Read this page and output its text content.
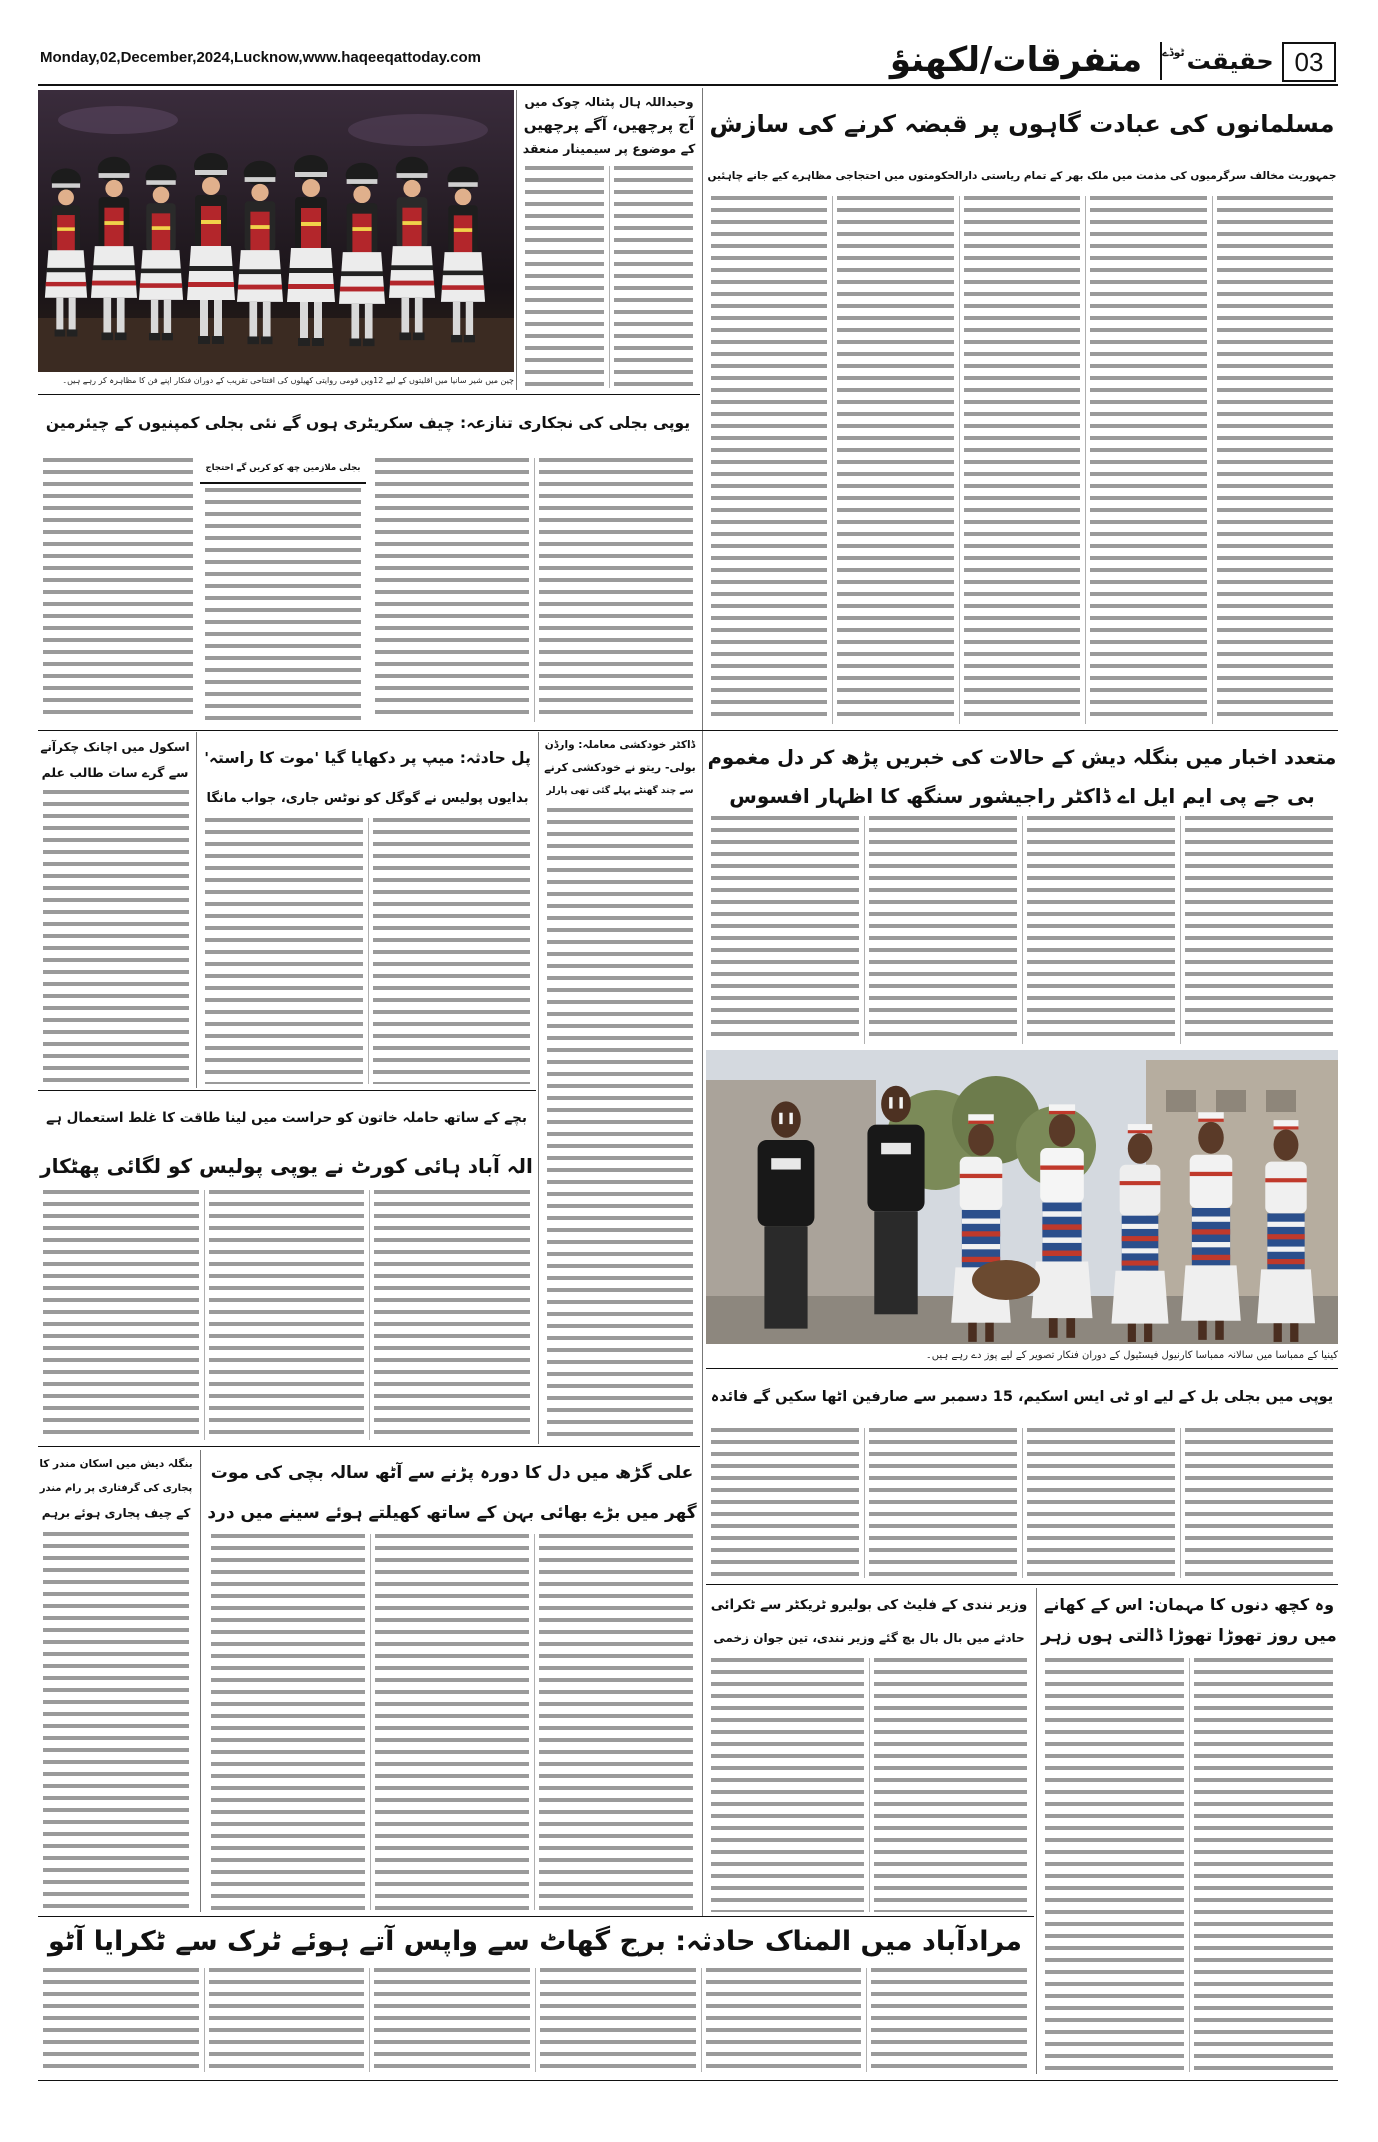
Monday,02,December,2024,Lucknow,www.haqeeqattoday.com	متفرقات/لکھنؤ حقیقت
ٹوڈے	03
چین میں شیر سانیا میں اقلیتوں کے لیے 12ویں قومی روایتی کھیلوں کی افتتاحی تقریب کے دوران فنکار اپنے فن کا مظاہرہ کر رہے ہیں۔
وحیداللہ ہال پٹنالہ چوک میں
آج پرچھیں، آگے پرچھیں
کے موضوع پر سیمینار منعقد
مسلمانوں کی عبادت گاہوں پر قبضہ کرنے کی سازش
جمہوریت مخالف سرگرمیوں کی مذمت میں ملک بھر کے تمام ریاستی دارالحکومتوں میں احتجاجی مظاہرے کیے جانے چاہئیں
یوپی بجلی کی نجکاری تنازعہ: چیف سکریٹری ہوں گے نئی بجلی کمپنیوں کے چیئرمین
بجلی ملازمین چھ کو کریں گے احتجاج
اسکول میں اچانک چکرآنے
سے گرے سات طالب علم
پل حادثہ: میپ پر دکھایا گیا 'موت کا راستہ'
بدایوں پولیس نے گوگل کو نوٹس جاری، جواب مانگا
ڈاکٹر خودکشی معاملہ: وارڈن
بولی- ریتو نے خودکشی کرنے
سے چند گھنٹے پہلے گئی تھی پارلر
متعدد اخبار میں بنگلہ دیش کے حالات کی خبریں پڑھ کر دل مغموم
بی جے پی ایم ایل اے ڈاکٹر راجیشور سنگھ کا اظہار افسوس
کینیا کے ممباسا میں سالانہ ممباسا کارنیول فیسٹیول کے دوران فنکار تصویر کے لیے پوز دے رہے ہیں۔
بچے کے ساتھ حاملہ خاتون کو حراست میں لینا طاقت کا غلط استعمال ہے
الہ آباد ہائی کورٹ نے یوپی پولیس کو لگائی پھٹکار
یوپی میں بجلی بل کے لیے او ٹی ایس اسکیم، 15 دسمبر سے صارفین اٹھا سکیں گے فائدہ
بنگلہ دیش میں اسکان مندر کا
پجاری کی گرفتاری پر رام مندر
کے چیف پجاری ہوئے برہم
علی گڑھ میں دل کا دورہ پڑنے سے آٹھ سالہ بچی کی موت
گھر میں بڑے بھائی بہن کے ساتھ کھیلتے ہوئے سینے میں درد
وزیر نندی کے فلیٹ کی بولیرو ٹریکٹر سے ٹکرائی
حادثے میں بال بال بچ گئے وزیر نندی، تین جوان زخمی
وہ کچھ دنوں کا مہمان: اس کے کھانے
میں روز تھوڑا تھوڑا ڈالتی ہوں زہر
مرادآباد میں المناک حادثہ: برج گھاٹ سے واپس آتے ہوئے ٹرک سے ٹکرایا آٹو
